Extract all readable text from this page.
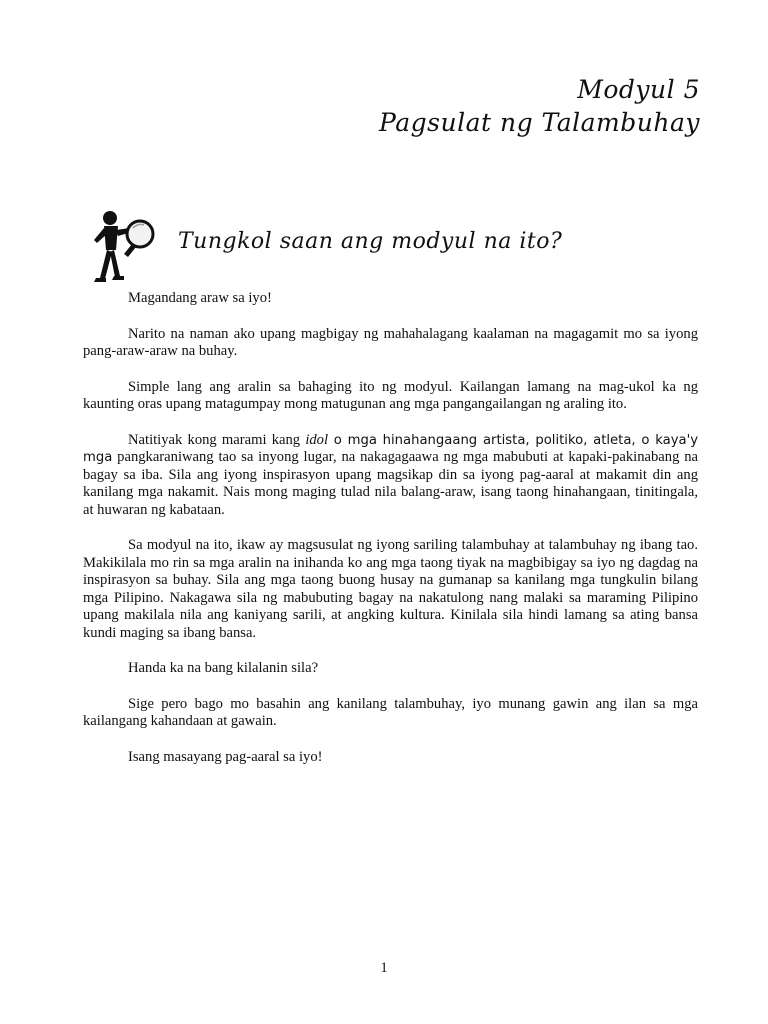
Modyul 5
Pagsulat ng Talambuhay
Tungkol saan ang modyul na ito?

Magandang araw sa iyo!

Narito na naman ako upang magbigay ng mahahalagang kaalaman na magagamit mo sa iyong pang-araw-araw na buhay.

Simple lang ang aralin sa bahaging ito ng modyul. Kailangan lamang na mag-ukol ka ng kaunting oras upang matagumpay mong matugunan ang mga pangangailangan ng araling ito.

Natitiyak kong marami kang idol o mga hinahangaang artista, politiko, atleta, o kaya'y mga pangkaraniwang tao sa inyong lugar, na nakagagaawa ng mga mabubuti at kapaki-pakinabang na bagay sa iba. Sila ang iyong inspirasyon upang magsikap din sa iyong pag-aaral at makamit din ang kanilang mga nakamit. Nais mong maging tulad nila balang-araw, isang taong hinahangaan, tinitingala, at huwaran ng kabataan.

Sa modyul na ito, ikaw ay magsusulat ng iyong sariling talambuhay at talambuhay ng ibang tao. Makikilala mo rin sa mga aralin na inihanda ko ang mga taong tiyak na magbibigay sa iyo ng dagdag na inspirasyon sa buhay. Sila ang mga taong buong husay na gumanap sa kanilang mga tungkulin bilang mga Pilipino. Nakagawa sila ng mabubuting bagay na nakatulong nang malaki sa maraming Pilipino upang makilala nila ang kaniyang sarili, at angking kultura. Kinilala sila hindi lamang sa ating bansa kundi maging sa ibang bansa.

Handa ka na bang kilalanin sila?

Sige pero bago mo basahin ang kanilang talambuhay, iyo munang gawin ang ilan sa mga kailangang kahandaan at gawain.

Isang masayang pag-aaral sa iyo!

1
